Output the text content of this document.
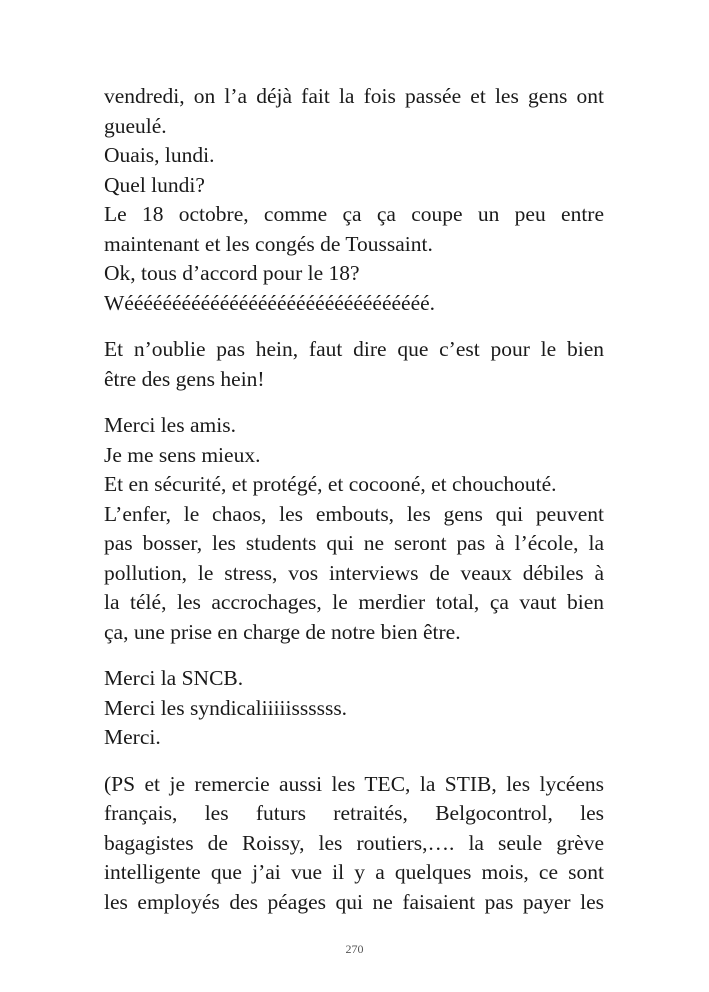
vendredi, on l’a déjà fait la fois passée et les gens ont
gueulé.
Ouais, lundi.
Quel lundi?
Le 18 octobre, comme ça ça coupe un peu entre
maintenant et les congés de Toussaint.
Ok, tous d’accord pour le 18?
Wéééééééééééééééééééééééééééééééé.
Et n’oublie pas hein, faut dire que c’est pour le bien
être des gens hein!
Merci les amis.
Je me sens mieux.
Et en sécurité, et protégé, et cocooné, et chouchouté.
L’enfer, le chaos, les embouts, les gens qui peuvent
pas bosser, les students qui ne seront pas à l’école, la
pollution, le stress, vos interviews de veaux débiles à
la télé, les accrochages, le merdier total, ça vaut bien
ça, une prise en charge de notre bien être.
Merci la SNCB.
Merci les syndicaliiiiissssss.
Merci.
(PS et je remercie aussi les TEC, la STIB, les lycéens
français, les futurs retraités, Belgocontrol, les
bagagistes de Roissy, les routiers,…. la seule grève
intelligente que j’ai vue il y a quelques mois, ce sont
les employés des péages qui ne faisaient pas payer les
270
